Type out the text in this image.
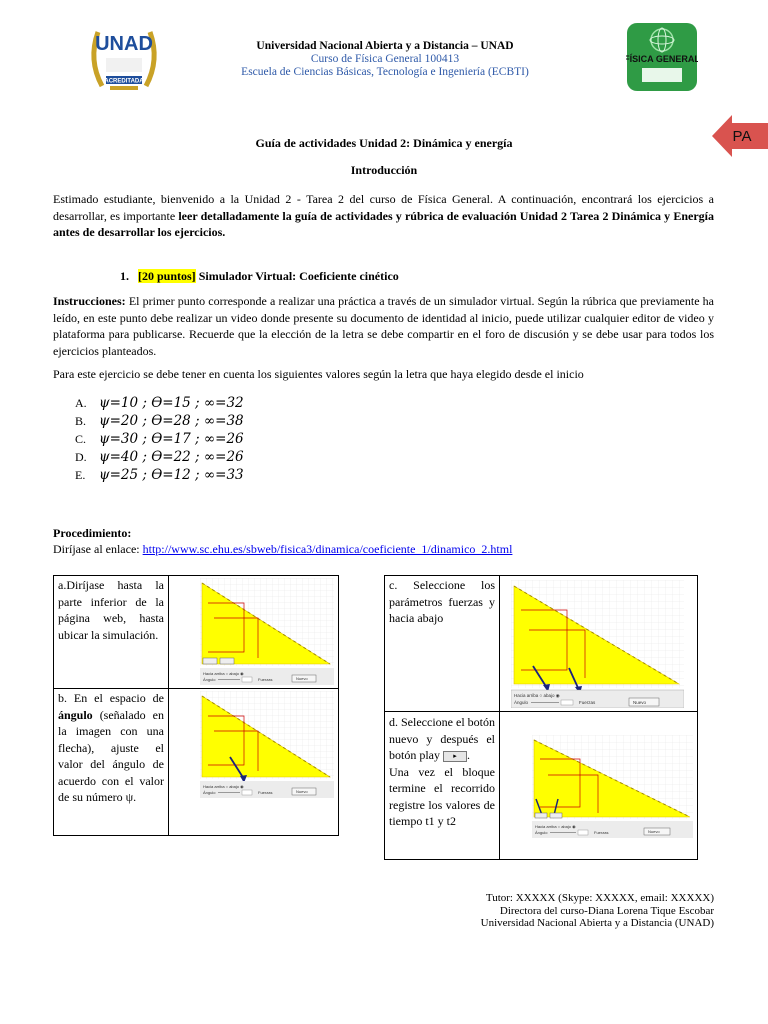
UNAD
ACREDITADA
Universidad Nacional Abierta y a Distancia – UNAD
Curso de Física General 100413
Escuela de Ciencias Básicas, Tecnología e Ingeniería (ECBTI)
FÍSICA GENERAL
PA
Guía de actividades Unidad 2: Dinámica y energía
Introducción
Estimado estudiante, bienvenido a la Unidad 2 - Tarea 2 del curso de Física General. A continuación, encontrará los ejercicios a desarrollar, es importante leer detalladamente la guía de actividades y rúbrica de evaluación Unidad 2 Tarea 2 Dinámica y Energía antes de desarrollar los ejercicios.
1. [20 puntos] Simulador Virtual: Coeficiente cinético
Instrucciones: El primer punto corresponde a realizar una práctica a través de un simulador virtual. Según la rúbrica que previamente ha leído, en este punto debe realizar un video donde presente su documento de identidad al inicio, puede utilizar cualquier editor de video y plataforma para publicarse. Recuerde que la elección de la letra se debe compartir en el foro de discusión y se debe usar para todos los ejercicios planteados.
Para este ejercicio se debe tener en cuenta los siguientes valores según la letra que haya elegido desde el inicio
A. ψ=10 ; ϴ=15 ; ∞=32
B. ψ=20 ; ϴ=28 ; ∞=38
C. ψ=30 ; ϴ=17 ; ∞=26
D. ψ=40 ; ϴ=22 ; ∞=26
E. ψ=25 ; ϴ=12 ; ∞=33
Procedimiento:
Diríjase al enlace: http://www.sc.ehu.es/sbweb/fisica3/dinamica/coeficiente_1/dinamico_2.html
a.Diríjase hasta la parte inferior de la página web, hasta ubicar la simulación.
b. En el espacio de ángulo (señalado en la imagen con una flecha), ajuste el valor del ángulo de acuerdo con el valor de su número ψ.
c. Seleccione los parámetros fuerzas y hacia abajo
d. Seleccione el botón nuevo y después el botón play ▸ .
Una vez el bloque termine el recorrido registre los valores de tiempo t1 y t2
Hacia arriba ○ abajo ◉
Ángulo	Fuerzas	Nuevo
Hacia arriba ○ abajo ◉
Ángulo	Fuerzas	Nuevo
Hacia arriba ○ abajo ◉
Ángulo	Fuerzas	Nuevo
Hacia arriba ○ abajo ◉
Ángulo	Fuerzas	Nuevo
Tutor: XXXXX (Skype: XXXXX, email: XXXXX)
Directora del curso-Diana Lorena Tique Escobar
Universidad Nacional Abierta y a Distancia (UNAD)
